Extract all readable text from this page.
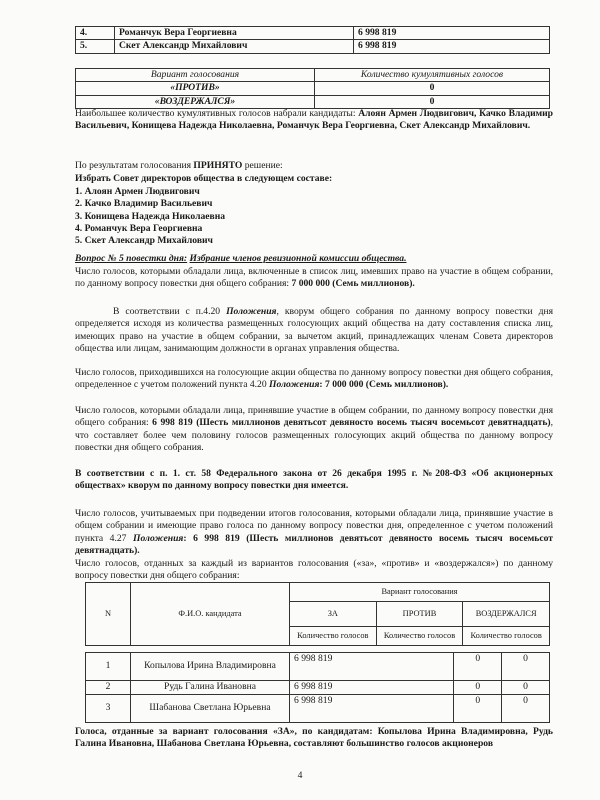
4.	Романчук Вера Георгиевна	6 998 819
5.	Скет Александр Михайлович	6 998 819
Вариант голосования	Количество кумулятивных голосов
«ПРОТИВ»	0
«ВОЗДЕРЖАЛСЯ»	0

Наибольшее количество кумулятивных голосов набрали кандидаты: Алоян Армен Людвигович, Качко Владимир Васильевич, Конищева Надежда Николаевна, Романчук Вера Георгиевна, Скет Александр Михайлович.

По результатам голосования ПРИНЯТО решение:

Избрать Совет директоров общества в следующем составе:

1. Алоян Армен Людвигович
2. Качко Владимир Васильевич
3. Конищева Надежда Николаевна
4. Романчук Вера Георгиевна
5. Скет Александр Михайлович

Вопрос № 5 повестки дня: Избрание членов ревизионной комиссии общества.

Число голосов, которыми обладали лица, включенные в список лиц, имевших право на участие в общем собрании, по данному вопросу повестки дня общего собрания: 7 000 000 (Семь миллионов).

В соответствии с п.4.20 Положения, кворум общего собрания по данному вопросу повестки дня определяется исходя из количества размещенных голосующих акций общества на дату составления списка лиц, имеющих право на участие в общем собрании, за вычетом акций, принадлежащих членам Совета директоров общества или лицам, занимающим должности в органах управления общества.

Число голосов, приходившихся на голосующие акции общества по данному вопросу повестки дня общего собрания, определенное с учетом положений пункта 4.20 Положения: 7 000 000 (Семь миллионов).

Число голосов, которыми обладали лица, принявшие участие в общем собрании, по данному вопросу повестки дня общего собрания: 6 998 819 (Шесть миллионов девятьсот девяносто восемь тысяч восемьсот девятнадцать), что составляет более чем половину голосов размещенных голосующих акций общества по данному вопросу повестки дня общего собрания.

В соответствии с п. 1. ст. 58 Федерального закона от 26 декабря 1995 г. №208-ФЗ «Об акционерных обществах» кворум по данному вопросу повестки дня имеется.

Число голосов, учитываемых при подведении итогов голосования, которыми обладали лица, принявшие участие в общем собрании и имеющие право голоса по данному вопросу повестки дня, определенное с учетом положений пункта 4.27 Положения: 6 998 819 (Шесть миллионов девятьсот девяносто восемь тысяч восемьсот девятнадцать).

Число голосов, отданных за каждый из вариантов голосования («за», «против» и «воздержался») по данному вопросу повестки дня общего собрания:

N	Ф.И.О. кандидата	Вариант голосования		
		ЗА	ПРОТИВ	ВОЗДЕРЖАЛСЯ
		Количество голосов	Количество голосов	Количество голосов
1	Копылова Ирина Владимировна	6 998 819	0	0
2	Рудь Галина Ивановна	6 998 819	0	0
3	Шабанова Светлана Юрьевна	6 998 819	0	0

Голоса, отданные за вариант голосования «ЗА», по кандидатам: Копылова Ирина Владимировна, Рудь Галина Ивановна, Шабанова Светлана Юрьевна, составляют большинство голосов акционеров

4
